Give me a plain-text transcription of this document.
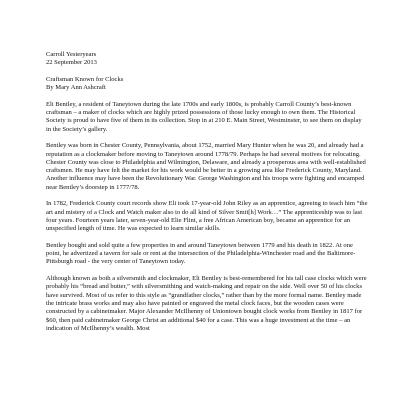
Carroll Yesteryears
22 September 2013
Craftsman Known for Clocks
By Mary Ann Ashcraft

Eli Bentley, a resident of Taneytown during the late 1700s and early 1800s, is probably Carroll County’s best-known craftsman – a maker of clocks which are highly prized possessions of those lucky enough to own them. The Historical Society is proud to have five of them in its collection. Stop in at 210 E. Main Street, Westminster, to see them on display in the Society’s gallery.

Bentley was born in Chester County, Pennsylvania, about 1752, married Mary Hunter when he was 20, and already had a reputation as a clockmaker before moving to Taneytown around 1778/79. Perhaps he had several motives for relocating. Chester County was close to Philadelphia and Wilmington, Delaware, and already a prosperous area with well-established craftsmen. He may have felt the market for his work would be better in a growing area like Frederick County, Maryland. Another influence may have been the Revolutionary War. George Washington and his troops were fighting and encamped near Bentley’s doorstep in 1777/78.

In 1782, Frederick County court records show Eli took 17-year-old John Riley as an apprentice, agreeing to teach him “the art and mistery of a Clock and Watch maker also to do all kind of Silver Smit[h] Work…” The apprenticeship was to last four years. Fourteen years later, seven-year-old Elie Flint, a free African American boy, became an apprentice for an unspecified length of time. He was expected to learn similar skills.

Bentley bought and sold quite a few properties in and around Taneytown between 1779 and his death in 1822. At one point, he advertized a tavern for sale or rent at the intersection of the Philadelphia-Winchester road and the Baltimore-Pittsburgh road - the very center of Taneytown today.

Although known as both a silversmith and clockmaker, Eli Bentley is best-remembered for his tall case clocks which were probably his “bread and butter,” with silversmithing and watch-making and repair on the side. Well over 50 of his clocks have survived. Most of us refer to this style as “grandfather clocks,” rather than by the more formal name. Bentley made the intricate brass works and may also have painted or engraved the metal clock faces, but the wooden cases were constructed by a cabinetmaker. Major Alexander McIlhenny of Uniontown bought clock works from Bentley in 1817 for $60, then paid cabinetmaker George Christ an additional $40 for a case. This was a huge investment at the time – an indication of McIlhenny’s wealth. Most
